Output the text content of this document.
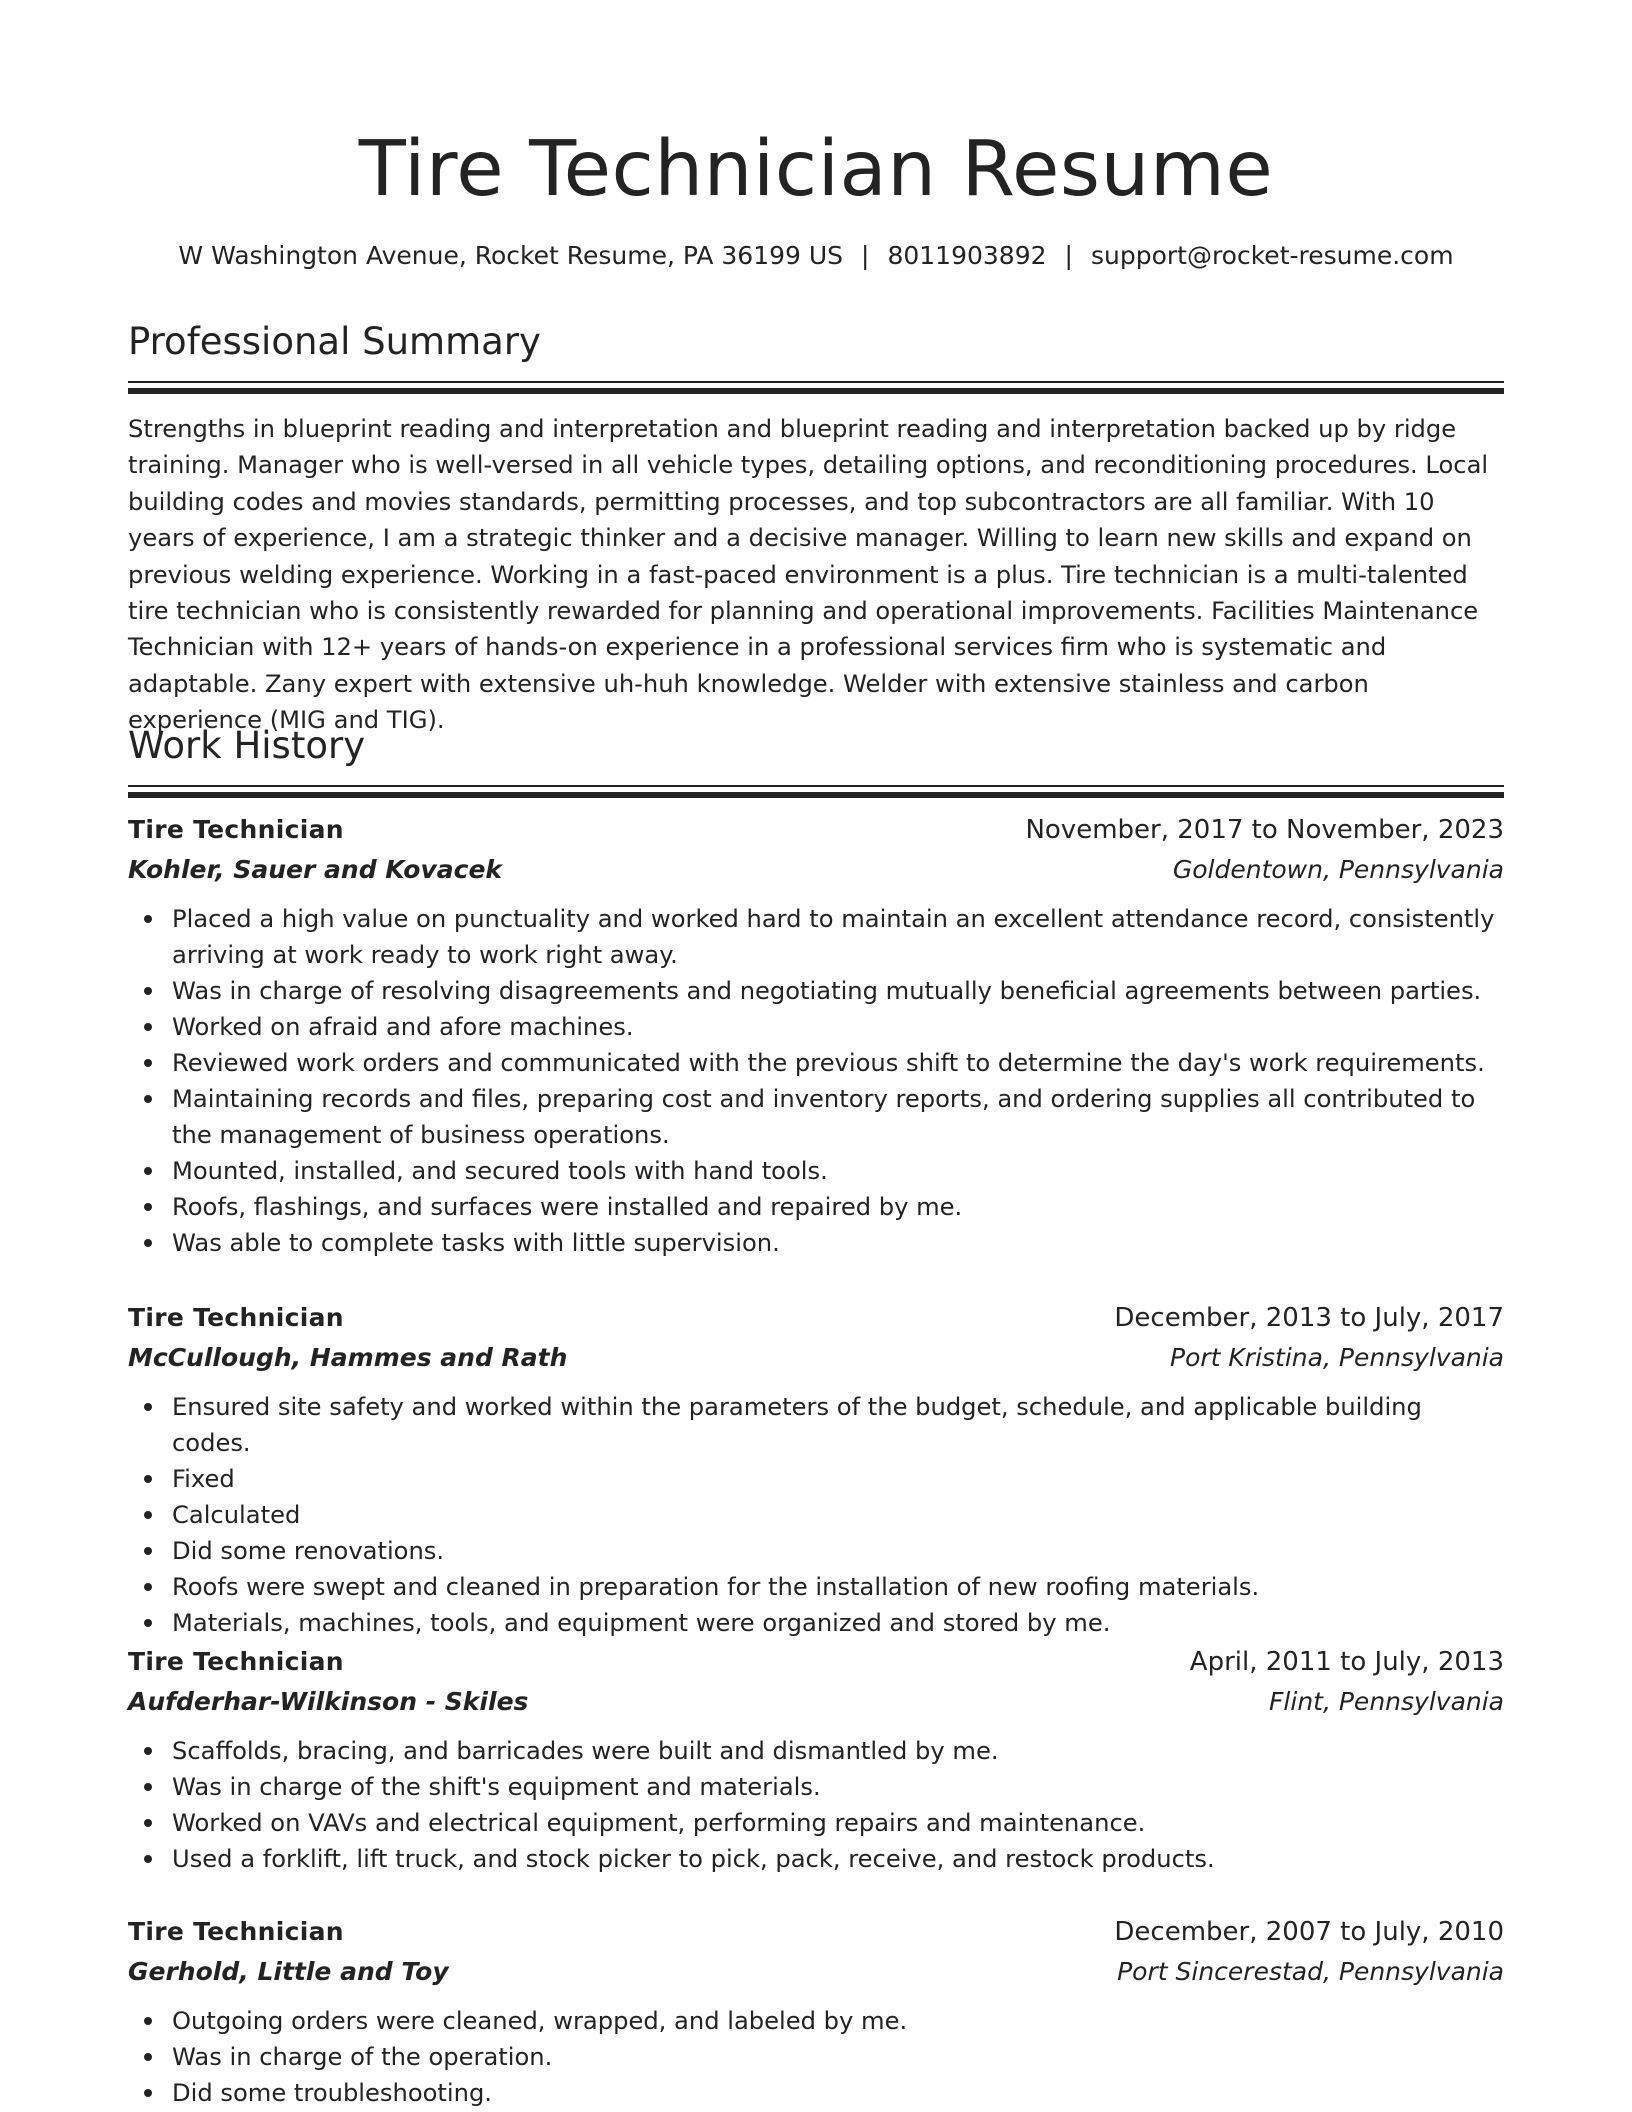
Tire Technician Resume
W Washington Avenue, Rocket Resume, PA 36199 US | 8011903892 | support@rocket-resume.com
Professional Summary

Strengths in blueprint reading and interpretation and blueprint reading and interpretation backed up by ridge training. Manager who is well-versed in all vehicle types, detailing options, and reconditioning procedures. Local building codes and movies standards, permitting processes, and top subcontractors are all familiar. With 10 years of experience, I am a strategic thinker and a decisive manager. Willing to learn new skills and expand on previous welding experience. Working in a fast-paced environment is a plus. Tire technician is a multi-talented tire technician who is consistently rewarded for planning and operational improvements. Facilities Maintenance Technician with 12+ years of hands-on experience in a professional services firm who is systematic and adaptable. Zany expert with extensive uh-huh knowledge. Welder with extensive stainless and carbon experience (MIG and TIG).

Work History
Tire Technician	November, 2017 to November, 2023
Kohler, Sauer and Kovacek	Goldentown, Pennsylvania
Placed a high value on punctuality and worked hard to maintain an excellent attendance record, consistently arriving at work ready to work right away.
Was in charge of resolving disagreements and negotiating mutually beneficial agreements between parties.
Worked on afraid and afore machines.
Reviewed work orders and communicated with the previous shift to determine the day's work requirements.
Maintaining records and files, preparing cost and inventory reports, and ordering supplies all contributed to the management of business operations.
Mounted, installed, and secured tools with hand tools.
Roofs, flashings, and surfaces were installed and repaired by me.
Was able to complete tasks with little supervision.
Tire Technician	December, 2013 to July, 2017
McCullough, Hammes and Rath	Port Kristina, Pennsylvania
Ensured site safety and worked within the parameters of the budget, schedule, and applicable building codes.
Fixed
Calculated
Did some renovations.
Roofs were swept and cleaned in preparation for the installation of new roofing materials.
Materials, machines, tools, and equipment were organized and stored by me.
Tire Technician	April, 2011 to July, 2013
Aufderhar-Wilkinson - Skiles	Flint, Pennsylvania
Scaffolds, bracing, and barricades were built and dismantled by me.
Was in charge of the shift's equipment and materials.
Worked on VAVs and electrical equipment, performing repairs and maintenance.
Used a forklift, lift truck, and stock picker to pick, pack, receive, and restock products.
Tire Technician	December, 2007 to July, 2010
Gerhold, Little and Toy	Port Sincerestad, Pennsylvania
Outgoing orders were cleaned, wrapped, and labeled by me.
Was in charge of the operation.
Did some troubleshooting.
